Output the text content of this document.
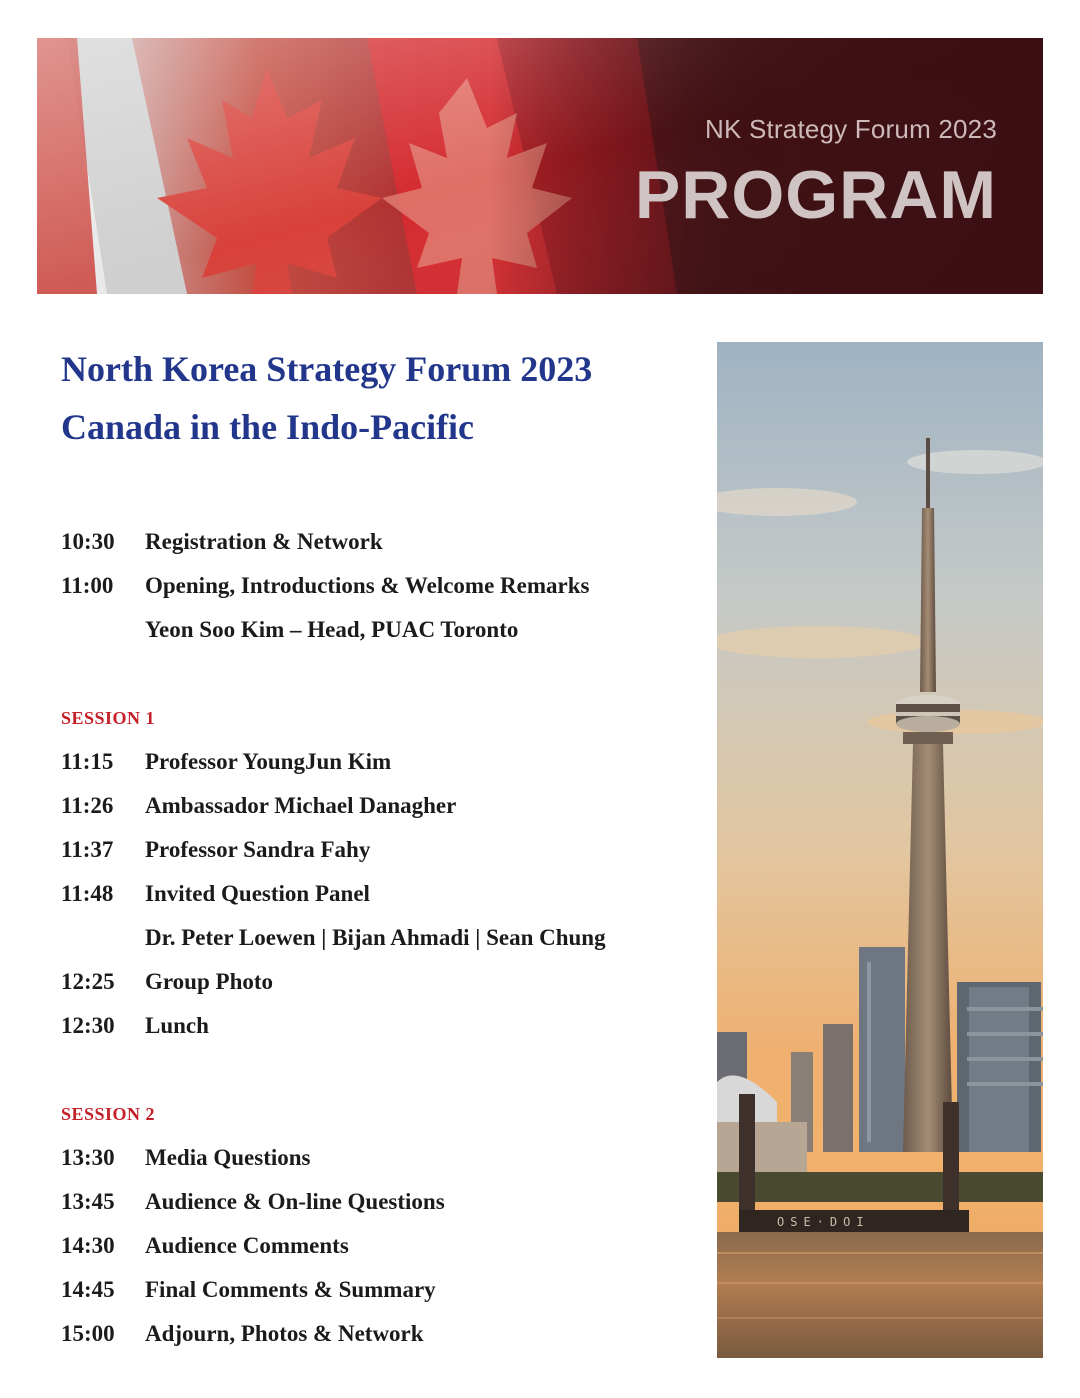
NK Strategy Forum 2023
PROGRAM
North Korea Strategy Forum 2023
Canada in the Indo-Pacific
10:30	Registration & Network
11:00	Opening, Introductions & Welcome Remarks
Yeon Soo Kim – Head, PUAC Toronto
SESSION 1
11:15	Professor YoungJun Kim
11:26	Ambassador Michael Danagher
11:37	Professor Sandra Fahy
11:48	Invited Question Panel
Dr. Peter Loewen | Bijan Ahmadi | Sean Chung
12:25	Group Photo
12:30	Lunch
SESSION 2
13:30	Media Questions
13:45	Audience & On-line Questions
14:30	Audience Comments
14:45	Final Comments & Summary
15:00	Adjourn, Photos & Network
OSE·DOI
